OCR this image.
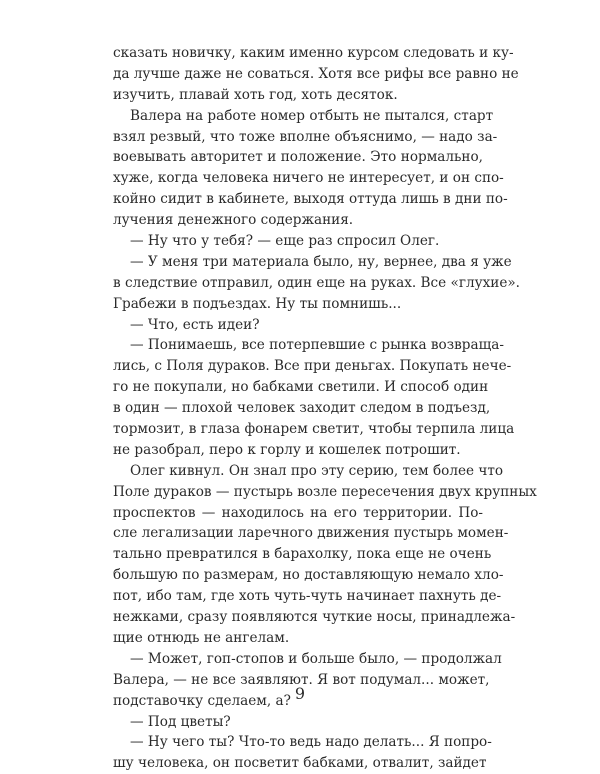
сказать новичку, каким именно курсом следовать и ку-
да лучше даже не соваться. Хотя все рифы все равно не
изучить, плавай хоть год, хоть десяток.
Валера на работе номер отбыть не пытался, старт
взял резвый, что тоже вполне объяснимо, — надо за-
воевывать авторитет и положение. Это нормально,
хуже, когда человека ничего не интересует, и он спо-
койно сидит в кабинете, выходя оттуда лишь в дни по-
лучения денежного содержания.
— Ну что у тебя? — еще раз спросил Олег.
— У меня три материала было, ну, вернее, два я уже
в следствие отправил, один еще на руках. Все «глухие».
Грабежи в подъездах. Ну ты помнишь...
— Что, есть идеи?
— Понимаешь, все потерпевшие с рынка возвраща-
лись, с Поля дураков. Все при деньгах. Покупать нече-
го не покупали, но бабками светили. И способ один
в один — плохой человек заходит следом в подъезд,
тормозит, в глаза фонарем светит, чтобы терпила лица
не разобрал, перо к горлу и кошелек потрошит.
Олег кивнул. Он знал про эту серию, тем более что
Поле дураков — пустырь возле пересечения двух крупных
проспектов — находилось на его территории. По-
сле легализации ларечного движения пустырь момен-
тально превратился в барахолку, пока еще не очень
большую по размерам, но доставляющую немало хло-
пот, ибо там, где хоть чуть-чуть начинает пахнуть де-
нежками, сразу появляются чуткие носы, принадлежа-
щие отнюдь не ангелам.
— Может, гоп-стопов и больше было, — продолжал
Валера, — не все заявляют. Я вот подумал... может,
подставочку сделаем, а?
— Под цветы?
— Ну чего ты? Что-то ведь надо делать... Я попро-
шу человека, он посветит бабками, отвалит, зайдет
9
